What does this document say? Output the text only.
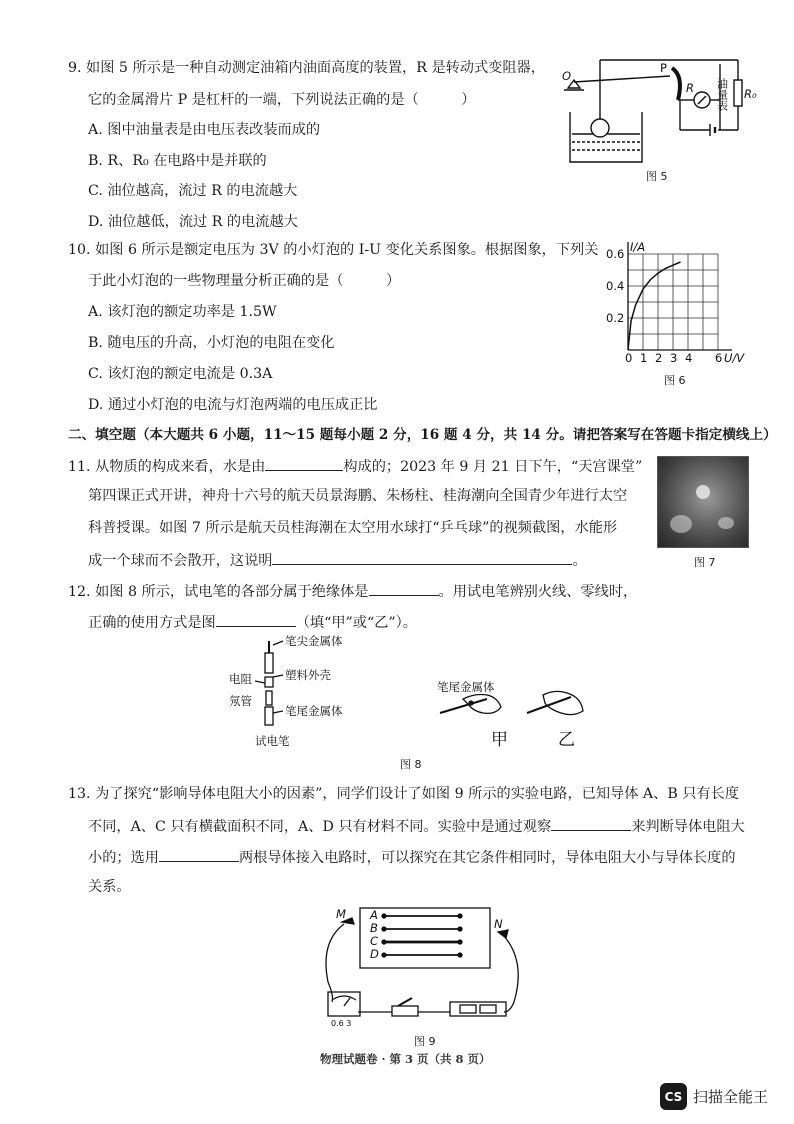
9. 如图 5 所示是一种自动测定油箱内油面高度的装置，R 是转动式变阻器，
它的金属滑片 P 是杠杆的一端，下列说法正确的是（　　　）
A. 图中油量表是由电压表改装而成的
B. R、R₀ 在电路中是并联的
C. 油位越高，流过 R 的电流越大
D. 油位越低，流过 R 的电流越大
O
P
R	R₀
油量表
图 5
10. 如图 6 所示是额定电压为 3V 的小灯泡的 I-U 变化关系图象。根据图象，下列关
于此小灯泡的一些物理量分析正确的是（　　　）
A. 该灯泡的额定功率是 1.5W
B. 随电压的升高，小灯泡的电阻在变化
C. 该灯泡的额定电流是 0.3A
D. 通过小灯泡的电流与灯泡两端的电压成正比
0 1 2 3 4 6
0.2
0.4
0.6 I/A
U/V
图 6
二、填空题（本大题共 6 小题，11～15 题每小题 2 分，16 题 4 分，共 14 分。请把答案写在答题卡指定横线上）
11. 从物质的构成来看，水是由	构成的；2023 年 9 月 21 日下午，“天宫课堂”
第四课正式开讲，神舟十六号的航天员景海鹏、朱杨柱、桂海潮向全国青少年进行太空
科普授课。如图 7 所示是航天员桂海潮在太空用水球打“乒乓球”的视频截图，水能形
成一个球而不会散开，这说明	。	图 7
12. 如图 8 所示，试电笔的各部分属于绝缘体是	。用试电笔辨别火线、零线时，
正确的使用方式是图	（填“甲”或“乙”）。
笔尖金属体
电阻	塑料外壳
氖管
笔尾金属体
试电笔
笔尾金属体
甲	乙
图 8
13. 为了探究“影响导体电阻大小的因素”，同学们设计了如图 9 所示的实验电路，已知导体 A、B 只有长度
不同，A、C 只有横截面积不同，A、D 只有材料不同。实验中是通过观察	来判断导体电阻大
小的；选用	两根导体接入电路时，可以探究在其它条件相同时，导体电阻大小与导体长度的
关系。
M
N
A
B
C
D
0.6 3
图 9
物理试题卷 · 第 3 页（共 8 页）
CS 扫描全能王
